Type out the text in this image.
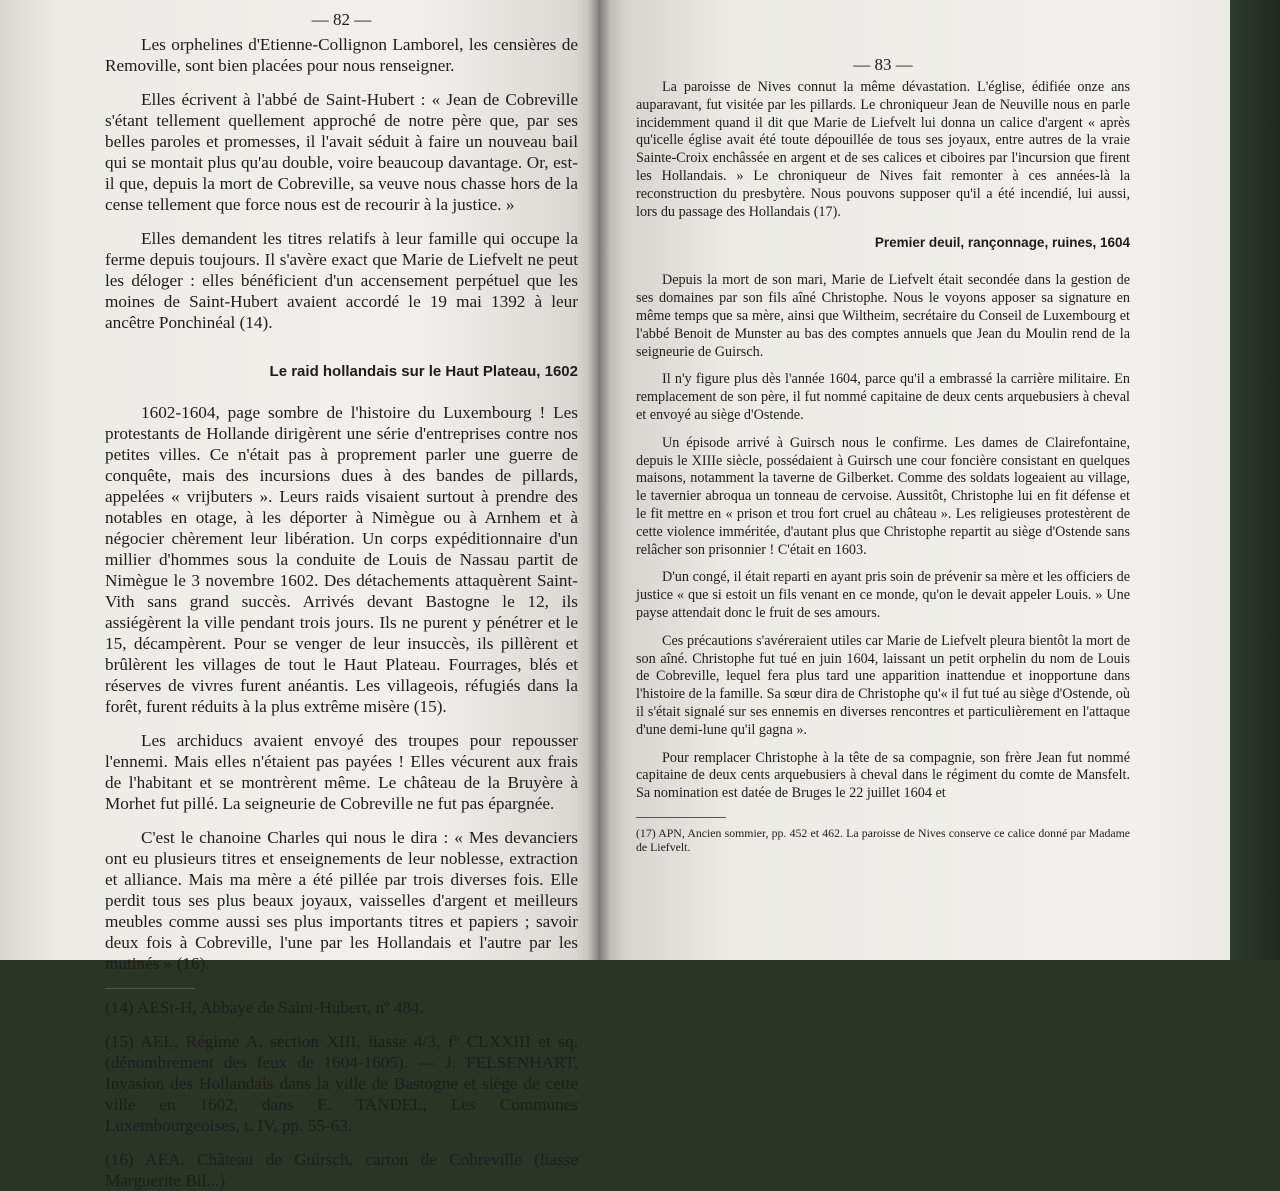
— 82 —

Les orphelines d'Etienne-Collignon Lamborel, les censières de Removille, sont bien placées pour nous renseigner.

Elles écrivent à l'abbé de Saint-Hubert : « Jean de Cobreville s'étant tellement quellement approché de notre père que, par ses belles paroles et promesses, il l'avait séduit à faire un nouveau bail qui se montait plus qu'au double, voire beaucoup davantage. Or, est-il que, depuis la mort de Cobreville, sa veuve nous chasse hors de la cense tellement que force nous est de recourir à la justice. »

Elles demandent les titres relatifs à leur famille qui occupe la ferme depuis toujours. Il s'avère exact que Marie de Liefvelt ne peut les déloger : elles bénéficient d'un accensement perpétuel que les moines de Saint-Hubert avaient accordé le 19 mai 1392 à leur ancêtre Ponchinéal (14).

Le raid hollandais sur le Haut Plateau, 1602

1602-1604, page sombre de l'histoire du Luxembourg ! Les protestants de Hollande dirigèrent une série d'entreprises contre nos petites villes. Ce n'était pas à proprement parler une guerre de conquête, mais des incursions dues à des bandes de pillards, appelées « vrijbuters ». Leurs raids visaient surtout à prendre des notables en otage, à les déporter à Nimègue ou à Arnhem et à négocier chèrement leur libération. Un corps expéditionnaire d'un millier d'hommes sous la conduite de Louis de Nassau partit de Nimègue le 3 novembre 1602. Des détachements attaquèrent Saint-Vith sans grand succès. Arrivés devant Bastogne le 12, ils assiégèrent la ville pendant trois jours. Ils ne purent y pénétrer et le 15, décampèrent. Pour se venger de leur insuccès, ils pillèrent et brûlèrent les villages de tout le Haut Plateau. Fourrages, blés et réserves de vivres furent anéantis. Les villageois, réfugiés dans la forêt, furent réduits à la plus extrême misère (15).

Les archiducs avaient envoyé des troupes pour repousser l'ennemi. Mais elles n'étaient pas payées ! Elles vécurent aux frais de l'habitant et se montrèrent même. Le château de la Bruyère à Morhet fut pillé. La seigneurie de Cobreville ne fut pas épargnée.

C'est le chanoine Charles qui nous le dira : « Mes devanciers ont eu plusieurs titres et enseignements de leur noblesse, extraction et alliance. Mais ma mère a été pillée par trois diverses fois. Elle perdit tous ses plus beaux joyaux, vaisselles d'argent et meilleurs meubles comme aussi ses plus importants titres et papiers ; savoir deux fois à Cobreville, l'une par les Hollandais et l'autre par les mutinés » (16).

(14) AESt-H, Abbaye de Saint-Hubert, nº 484.

(15) AEL, Régime A, section XIII, liasse 4/3, fº CLXXIII et sq. (dénombrement des feux de 1604-1605). — J. FELSENHART, Invasion des Hollandais dans la ville de Bastogne et siège de cette ville en 1602, dans E. TANDEL, Les Communes Luxembourgeoises, t. IV, pp. 55-63.

(16) AEA, Château de Guirsch, carton de Cobreville (liasse Marguerite Bil...)

— 83 —

La paroisse de Nives connut la même dévastation. L'église, édifiée onze ans auparavant, fut visitée par les pillards. Le chroniqueur Jean de Neuville nous en parle incidemment quand il dit que Marie de Liefvelt lui donna un calice d'argent « après qu'icelle église avait été toute dépouillée de tous ses joyaux, entre autres de la vraie Sainte-Croix enchâssée en argent et de ses calices et ciboires par l'incursion que firent les Hollandais. » Le chroniqueur de Nives fait remonter à ces années-là la reconstruction du presbytère. Nous pouvons supposer qu'il a été incendié, lui aussi, lors du passage des Hollandais (17).

Premier deuil, rançonnage, ruines, 1604

Depuis la mort de son mari, Marie de Liefvelt était secondée dans la gestion de ses domaines par son fils aîné Christophe. Nous le voyons apposer sa signature en même temps que sa mère, ainsi que Wiltheim, secrétaire du Conseil de Luxembourg et l'abbé Benoit de Munster au bas des comptes annuels que Jean du Moulin rend de la seigneurie de Guirsch.

Il n'y figure plus dès l'année 1604, parce qu'il a embrassé la carrière militaire. En remplacement de son père, il fut nommé capitaine de deux cents arquebusiers à cheval et envoyé au siège d'Ostende.

Un épisode arrivé à Guirsch nous le confirme. Les dames de Clairefontaine, depuis le XIIIe siècle, possédaient à Guirsch une cour foncière consistant en quelques maisons, notamment la taverne de Gilberket. Comme des soldats logeaient au village, le tavernier abroqua un tonneau de cervoise. Aussitôt, Christophe lui en fit défense et le fit mettre en « prison et trou fort cruel au château ». Les religieuses protestèrent de cette violence imméritée, d'autant plus que Christophe repartit au siège d'Ostende sans relâcher son prisonnier ! C'était en 1603.

D'un congé, il était reparti en ayant pris soin de prévenir sa mère et les officiers de justice « que si estoit un fils venant en ce monde, qu'on le devait appeler Louis. » Une payse attendait donc le fruit de ses amours.

Ces précautions s'avéreraient utiles car Marie de Liefvelt pleura bientôt la mort de son aîné. Christophe fut tué en juin 1604, laissant un petit orphelin du nom de Louis de Cobreville, lequel fera plus tard une apparition inattendue et inopportune dans l'histoire de la famille. Sa sœur dira de Christophe qu'« il fut tué au siège d'Ostende, où il s'était signalé sur ses ennemis en diverses rencontres et particulièrement en l'attaque d'une demi-lune qu'il gagna ».

Pour remplacer Christophe à la tête de sa compagnie, son frère Jean fut nommé capitaine de deux cents arquebusiers à cheval dans le régiment du comte de Mansfelt. Sa nomination est datée de Bruges le 22 juillet 1604 et

(17) APN, Ancien sommier, pp. 452 et 462. La paroisse de Nives conserve ce calice donné par Madame de Liefvelt.
